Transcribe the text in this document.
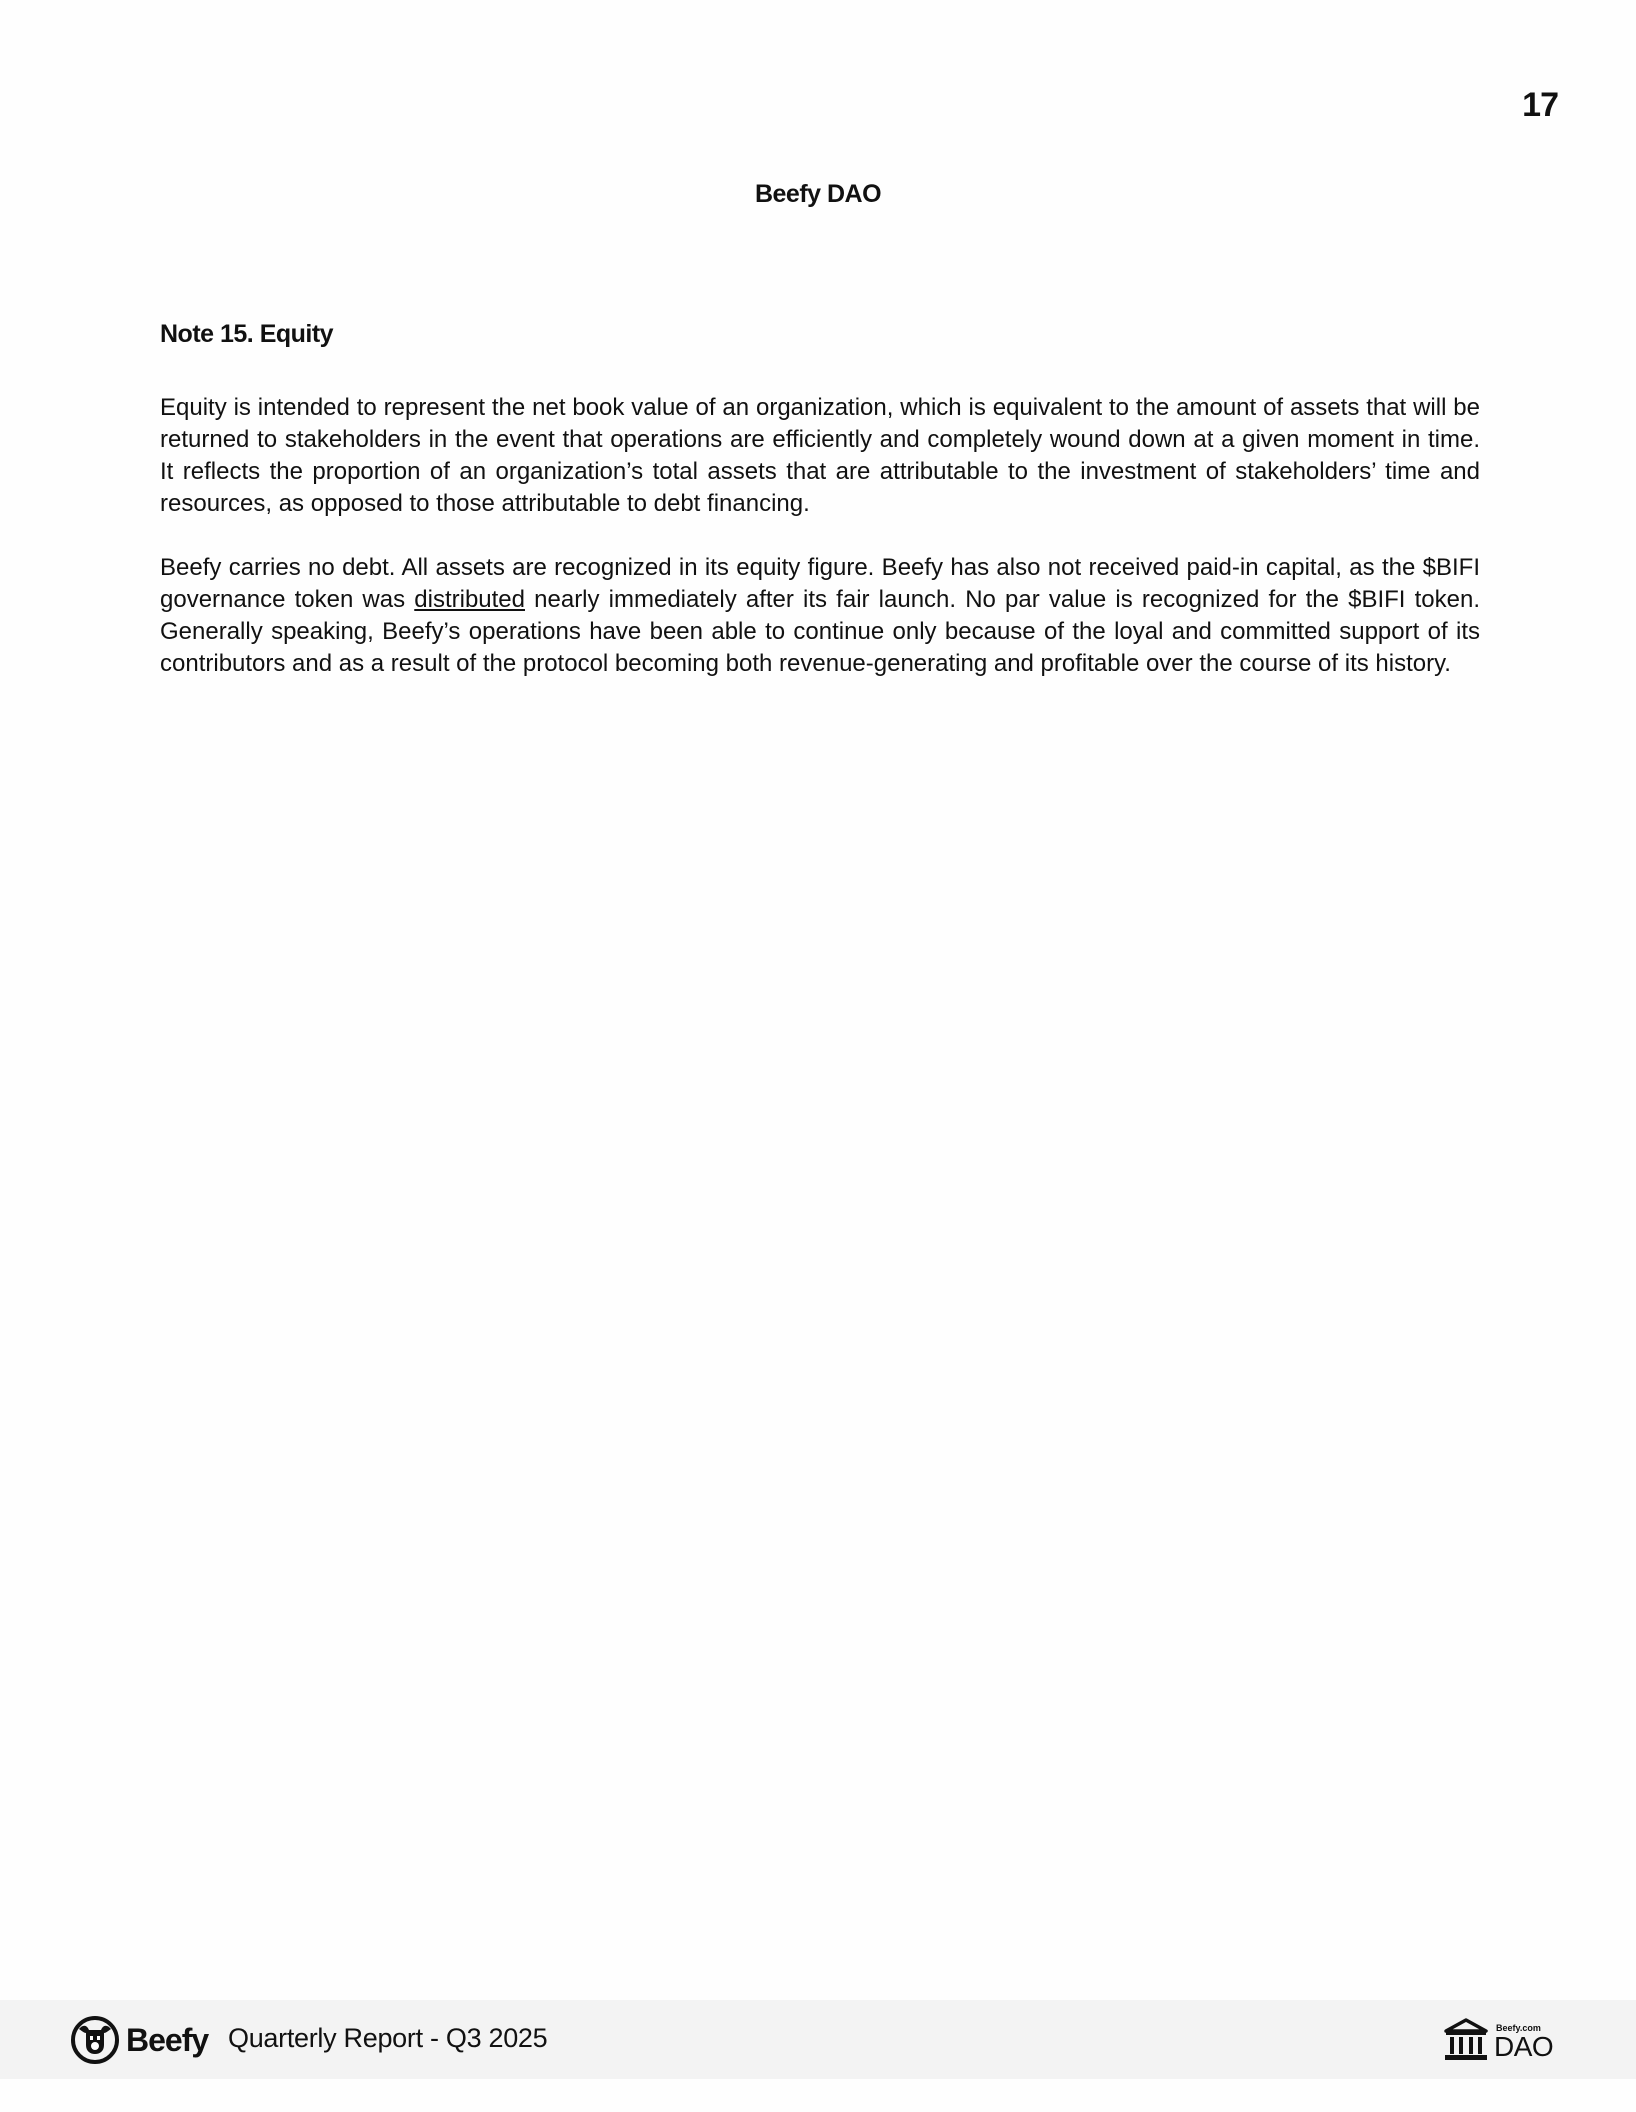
17
Beefy DAO
Note 15. Equity

Equity is intended to represent the net book value of an organization, which is equivalent to the amount of assets that will be returned to stakeholders in the event that operations are efficiently and completely wound down at a given moment in time. It reflects the proportion of an organization’s total assets that are attributable to the investment of stakeholders’ time and resources, as opposed to those attributable to debt financing.

Beefy carries no debt. All assets are recognized in its equity figure. Beefy has also not received paid-in capital, as the $BIFI governance token was distributed nearly immediately after its fair launch. No par value is recognized for the $BIFI token. Generally speaking, Beefy’s operations have been able to continue only because of the loyal and committed support of its contributors and as a result of the protocol becoming both revenue-generating and profitable over the course of its history.

Beefy Quarterly Report - Q3 2025	Beefy.com
DAO
